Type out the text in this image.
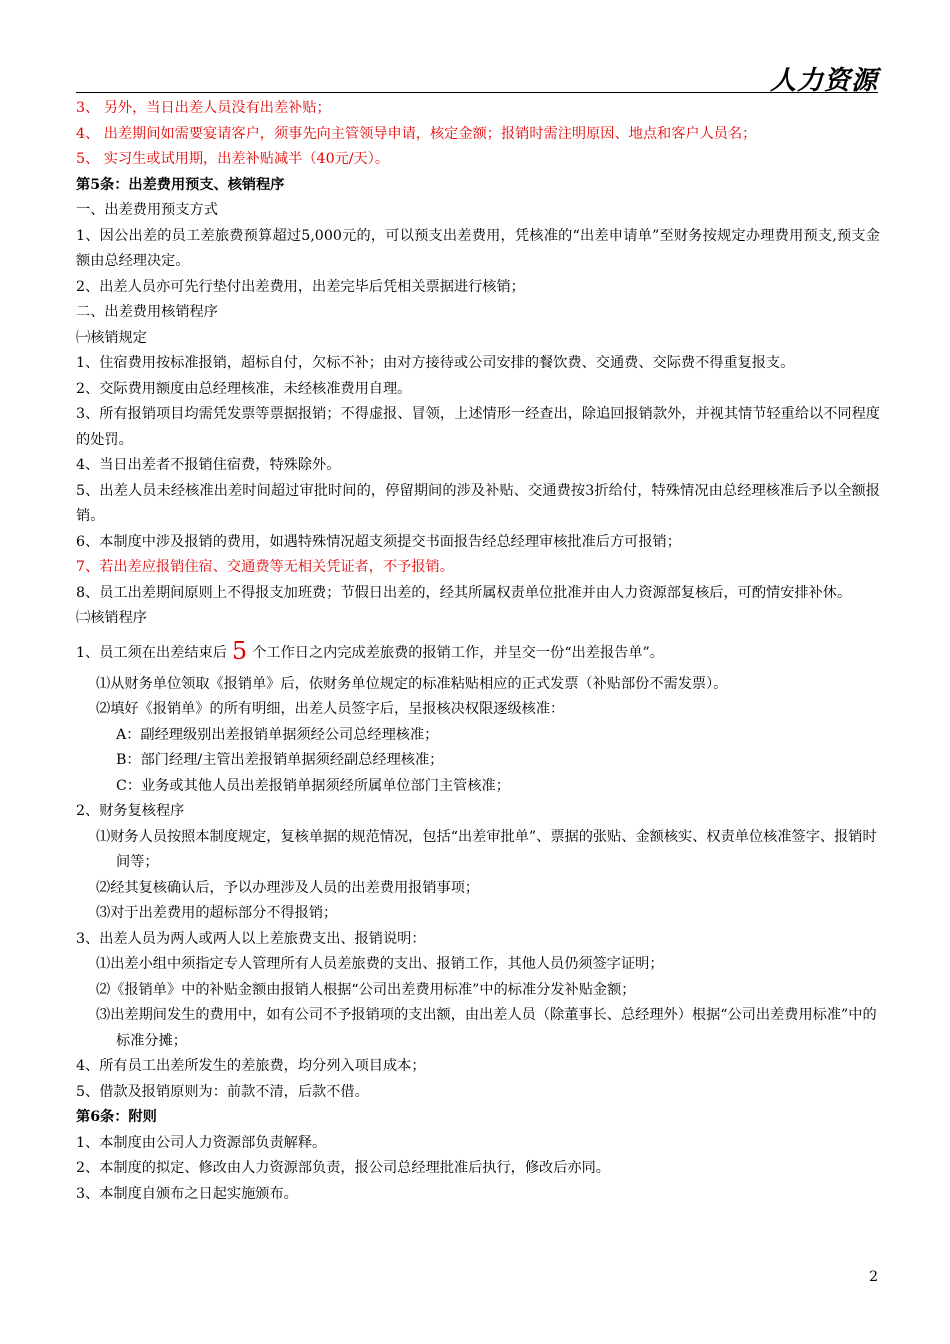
人力资源
3、 另外，当日出差人员没有出差补贴；
4、 出差期间如需要宴请客户，须事先向主管领导申请，核定金额；报销时需注明原因、地点和客户人员名；
5、 实习生或试用期，出差补贴减半（40元/天）。
第5条：出差费用预支、核销程序
一、出差费用预支方式
1、因公出差的员工差旅费预算超过5,000元的，可以预支出差费用，凭核准的“出差申请单”至财务按规定办理费用预支,预支金额由总经理决定。
2、出差人员亦可先行垫付出差费用，出差完毕后凭相关票据进行核销；
二、出差费用核销程序
㈠核销规定
1、住宿费用按标准报销，超标自付，欠标不补；由对方接待或公司安排的餐饮费、交通费、交际费不得重复报支。
2、交际费用额度由总经理核准，未经核准费用自理。
3、所有报销项目均需凭发票等票据报销；不得虚报、冒领，上述情形一经查出，除追回报销款外，并视其情节轻重给以不同程度的处罚。
4、当日出差者不报销住宿费，特殊除外。
5、出差人员未经核准出差时间超过审批时间的，停留期间的涉及补贴、交通费按3折给付，特殊情况由总经理核准后予以全额报销。
6、本制度中涉及报销的费用，如遇特殊情况超支须提交书面报告经总经理审核批准后方可报销；
7、若出差应报销住宿、交通费等无相关凭证者，不予报销。
8、员工出差期间原则上不得报支加班费；节假日出差的，经其所属权责单位批准并由人力资源部复核后，可酌情安排补休。
㈡核销程序
1、员工须在出差结束后 5 个工作日之内完成差旅费的报销工作，并呈交一份“出差报告单”。
⑴从财务单位领取《报销单》后，依财务单位规定的标准粘贴相应的正式发票（补贴部份不需发票）。
⑵填好《报销单》的所有明细，出差人员签字后，呈报核决权限逐级核准：
A：副经理级别出差报销单据须经公司总经理核准；
B：部门经理/主管出差报销单据须经副总经理核准；
C：业务或其他人员出差报销单据须经所属单位部门主管核准；
2、财务复核程序
⑴财务人员按照本制度规定，复核单据的规范情况，包括“出差审批单”、票据的张贴、金额核实、权责单位核准签字、报销时间等；
⑵经其复核确认后，予以办理涉及人员的出差费用报销事项；
⑶对于出差费用的超标部分不得报销；
3、出差人员为两人或两人以上差旅费支出、报销说明：
⑴出差小组中须指定专人管理所有人员差旅费的支出、报销工作，其他人员仍须签字证明；
⑵《报销单》中的补贴金额由报销人根据“公司出差费用标准”中的标准分发补贴金额；
⑶出差期间发生的费用中，如有公司不予报销项的支出额，由出差人员（除董事长、总经理外）根据“公司出差费用标准”中的标准分摊；
4、所有员工出差所发生的差旅费，均分列入项目成本；
5、借款及报销原则为：前款不清，后款不借。
第6条：附则
1、本制度由公司人力资源部负责解释。
2、本制度的拟定、修改由人力资源部负责，报公司总经理批准后执行，修改后亦同。
3、本制度自颁布之日起实施颁布。
2
